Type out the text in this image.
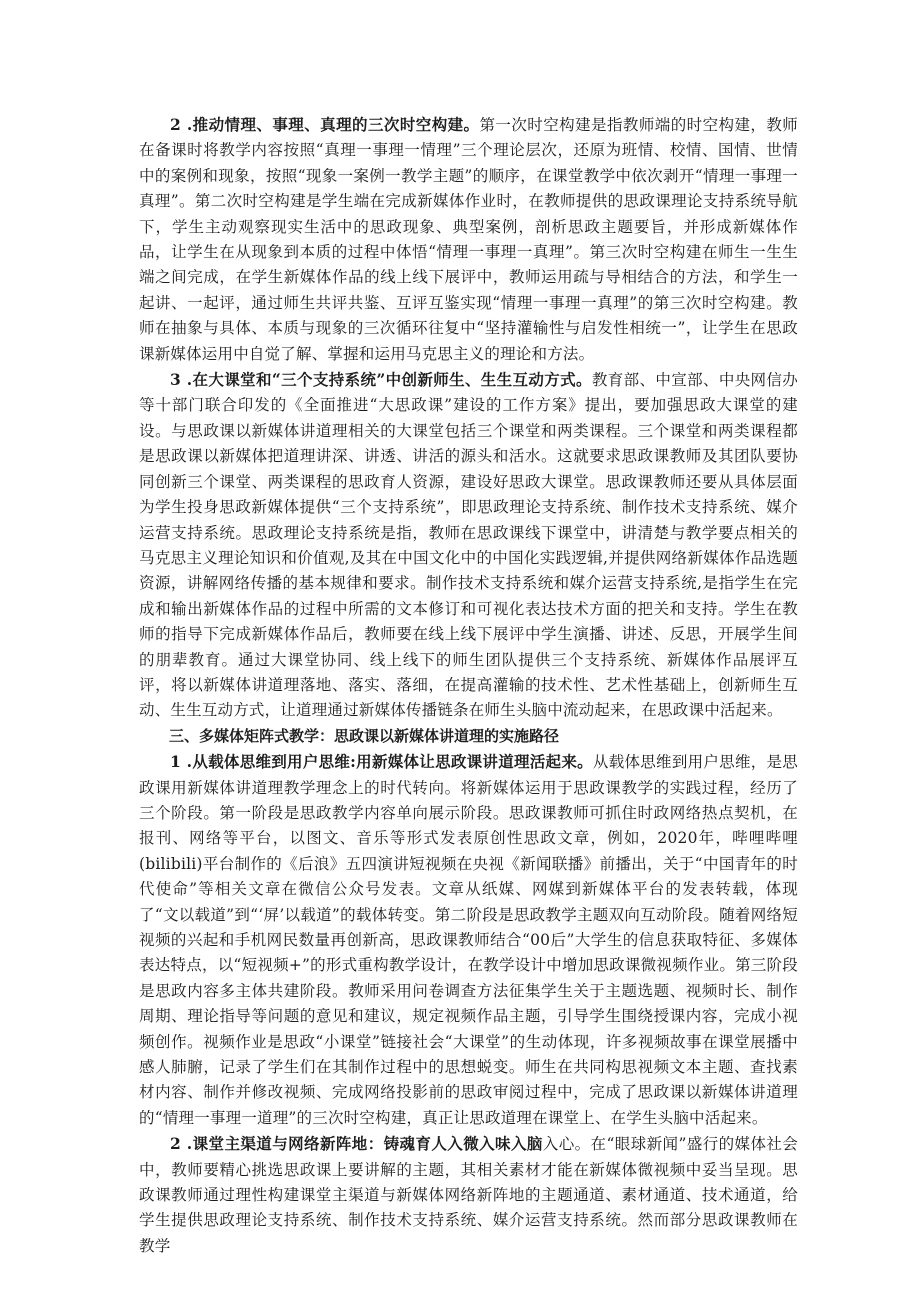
2 .推动情理、事理、真理的三次时空构建。第一次时空构建是指教师端的时空构建，教师在备课时将教学内容按照“真理一事理一情理”三个理论层次，还原为班情、校情、国情、世情中的案例和现象，按照“现象一案例一教学主题”的顺序，在课堂教学中依次剥开“情理一事理一真理”。第二次时空构建是学生端在完成新媒体作业时，在教师提供的思政课理论支持系统导航下，学生主动观察现实生活中的思政现象、典型案例，剖析思政主题要旨，并形成新媒体作品，让学生在从现象到本质的过程中体悟“情理一事理一真理”。第三次时空构建在师生一生生端之间完成，在学生新媒体作品的线上线下展评中，教师运用疏与导相结合的方法，和学生一起讲、一起评，通过师生共评共鉴、互评互鉴实现“情理一事理一真理”的第三次时空构建。教师在抽象与具体、本质与现象的三次循环往复中“坚持灌输性与启发性相统一”，让学生在思政课新媒体运用中自觉了解、掌握和运用马克思主义的理论和方法。

3 .在大课堂和“三个支持系统”中创新师生、生生互动方式。教育部、中宣部、中央网信办等十部门联合印发的《全面推进“大思政课”建设的工作方案》提出，要加强思政大课堂的建设。与思政课以新媒体讲道理相关的大课堂包括三个课堂和两类课程。三个课堂和两类课程都是思政课以新媒体把道理讲深、讲透、讲活的源头和活水。这就要求思政课教师及其团队要协同创新三个课堂、两类课程的思政育人资源，建设好思政大课堂。思政课教师还要从具体层面为学生投身思政新媒体提供“三个支持系统”，即思政理论支持系统、制作技术支持系统、媒介运营支持系统。思政理论支持系统是指，教师在思政课线下课堂中，讲清楚与教学要点相关的马克思主义理论知识和价值观,及其在中国文化中的中国化实践逻辑,并提供网络新媒体作品选题资源，讲解网络传播的基本规律和要求。制作技术支持系统和媒介运营支持系统,是指学生在完成和输出新媒体作品的过程中所需的文本修订和可视化表达技术方面的把关和支持。学生在教师的指导下完成新媒体作品后，教师要在线上线下展评中学生演播、讲述、反思，开展学生间的朋辈教育。通过大课堂协同、线上线下的师生团队提供三个支持系统、新媒体作品展评互评，将以新媒体讲道理落地、落实、落细，在提高灌输的技术性、艺术性基础上，创新师生互动、生生互动方式，让道理通过新媒体传播链条在师生头脑中流动起来，在思政课中活起来。

三、多媒体矩阵式教学：思政课以新媒体讲道理的实施路径

1 .从载体思维到用户思维:用新媒体让思政课讲道理活起来。从载体思维到用户思维，是思政课用新媒体讲道理教学理念上的时代转向。将新媒体运用于思政课教学的实践过程，经历了三个阶段。第一阶段是思政教学内容单向展示阶段。思政课教师可抓住时政网络热点契机，在报刊、网络等平台，以图文、音乐等形式发表原创性思政文章，例如，2020年，哔哩哔哩(bilibili)平台制作的《后浪》五四演讲短视频在央视《新闻联播》前播出，关于“中国青年的时代使命”等相关文章在微信公众号发表。文章从纸媒、网媒到新媒体平台的发表转载，体现了“文以载道”到“‘屏’以载道”的载体转变。第二阶段是思政教学主题双向互动阶段。随着网络短视频的兴起和手机网民数量再创新高，思政课教师结合“00后”大学生的信息获取特征、多媒体表达特点，以“短视频+”的形式重构教学设计，在教学设计中增加思政课微视频作业。第三阶段是思政内容多主体共建阶段。教师采用问卷调查方法征集学生关于主题选题、视频时长、制作周期、理论指导等问题的意见和建议，规定视频作品主题，引导学生围绕授课内容，完成小视频创作。视频作业是思政“小课堂”链接社会“大课堂”的生动体现，许多视频故事在课堂展播中感人肺腑，记录了学生们在其制作过程中的思想蜕变。师生在共同构思视频文本主题、查找素材内容、制作并修改视频、完成网络投影前的思政审阅过程中，完成了思政课以新媒体讲道理的“情理一事理一道理”的三次时空构建，真正让思政道理在课堂上、在学生头脑中活起来。

2 .课堂主渠道与网络新阵地：铸魂育人入微入味入脑入心。在“眼球新闻”盛行的媒体社会中，教师要精心挑选思政课上要讲解的主题，其相关素材才能在新媒体微视频中妥当呈现。思政课教师通过理性构建课堂主渠道与新媒体网络新阵地的主题通道、素材通道、技术通道，给学生提供思政理论支持系统、制作技术支持系统、媒介运营支持系统。然而部分思政课教师在教学
